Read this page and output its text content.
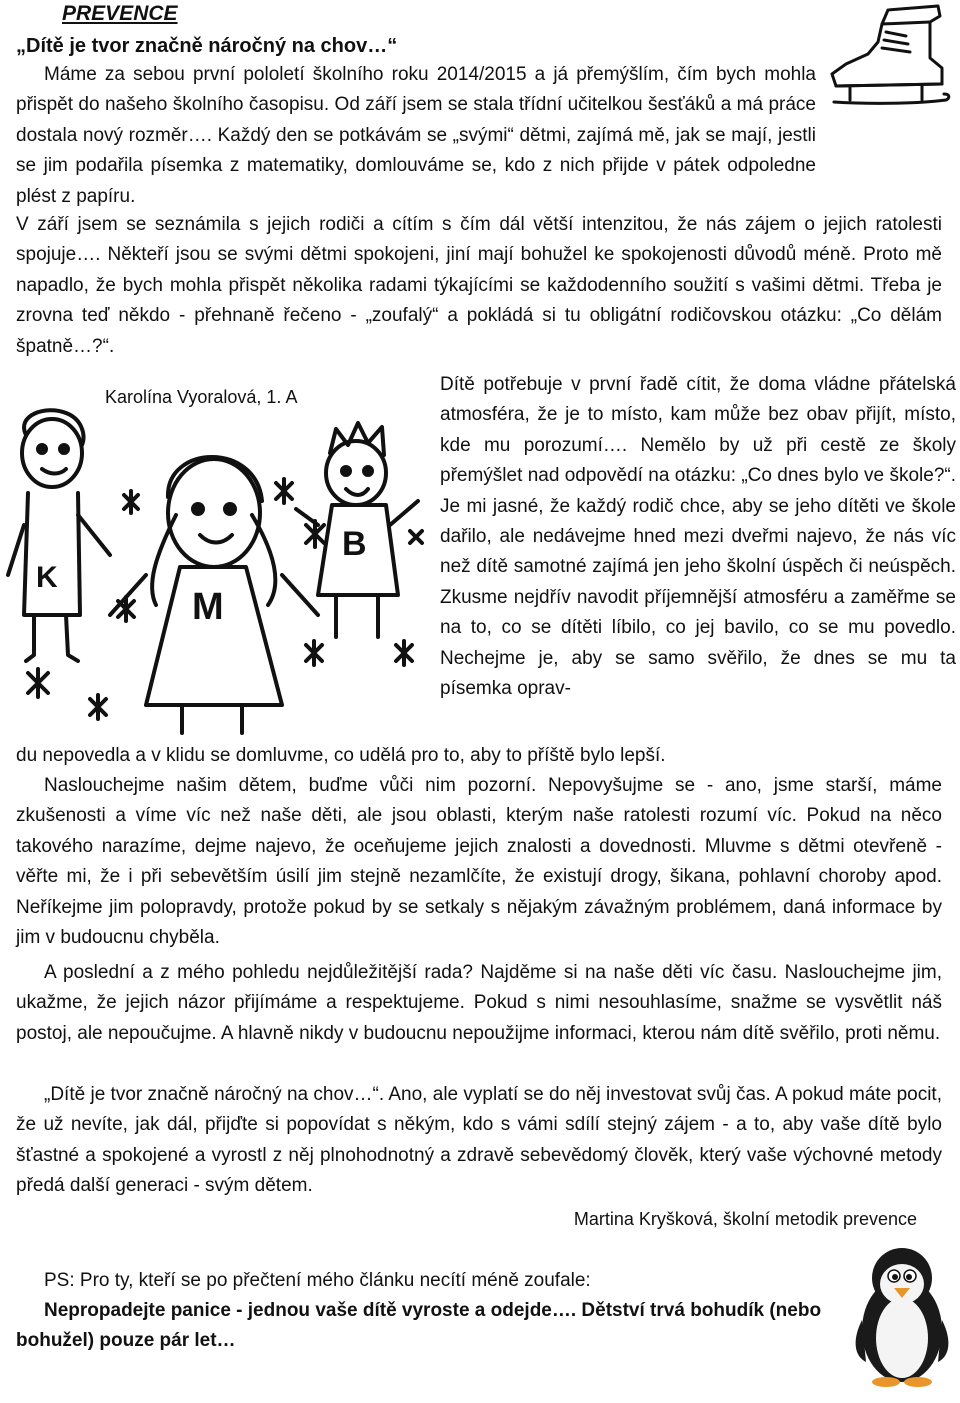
PREVENCE
„Dítě je tvor značně náročný na chov…“

Máme za sebou první pololetí školního roku 2014/2015 a já přemýšlím, čím bych mohla přispět do našeho školního časopisu. Od září jsem se stala třídní učitelkou šesťáků a má práce dostala nový rozměr…. Každý den se potkávám se „svými“ dětmi, zajímá mě, jak se mají, jestli se jim podařila písemka z matematiky, domlouváme se, kdo z nich přijde v pátek odpoledne plést z papíru.

V září jsem se seznámila s jejich rodiči a cítím s čím dál větší intenzitou, že nás zájem o jejich ratolesti spojuje…. Někteří jsou se svými dětmi spokojeni, jiní mají bohužel ke spokojenosti důvodů méně. Proto mě napadlo, že bych mohla přispět několika radami týkajícími se každodenního soužití s vašimi dětmi. Třeba je zrovna teď někdo - přehnaně řečeno - „zoufalý“ a pokládá si tu obligátní rodičovskou otázku: „Co dělám špatně…?“.

Karolína Vyoralová, 1. A

K
M
B

Dítě potřebuje v první řadě cítit, že doma vládne přátelská atmosféra, že je to místo, kam může bez obav přijít, místo, kde mu porozumí…. Nemělo by už při cestě ze školy přemýšlet nad odpovědí na otázku: „Co dnes bylo ve škole?“. Je mi jasné, že každý rodič chce, aby se jeho dítěti ve škole dařilo, ale nedávejme hned mezi dveřmi najevo, že nás víc než dítě samotné zajímá jen jeho školní úspěch či neúspěch. Zkusme nejdřív navodit příjemnější atmosféru a zaměřme se na to, co se dítěti líbilo, co jej bavilo, co se mu povedlo. Nechejme je, aby se samo svěřilo, že dnes se mu ta písemka oprav-

du nepovedla a v klidu se domluvme, co udělá pro to, aby to příště bylo lepší.

Naslouchejme našim dětem, buďme vůči nim pozorní. Nepovyšujme se - ano, jsme starší, máme zkušenosti a víme víc než naše děti, ale jsou oblasti, kterým naše ratolesti rozumí víc. Pokud na něco takového narazíme, dejme najevo, že oceňujeme jejich znalosti a dovednosti. Mluvme s dětmi otevřeně - věřte mi, že i při sebevětším úsilí jim stejně nezamlčíte, že existují drogy, šikana, pohlavní choroby apod. Neříkejme jim polopravdy, protože pokud by se setkaly s nějakým závažným problémem, daná informace by jim v budoucnu chyběla.

A poslední a z mého pohledu nejdůležitější rada? Najděme si na naše děti víc času. Naslouchejme jim, ukažme, že jejich názor přijímáme a respektujeme. Pokud s nimi nesouhlasíme, snažme se vysvětlit náš postoj, ale nepoučujme. A hlavně nikdy v budoucnu nepoužijme informaci, kterou nám dítě svěřilo, proti němu.

„Dítě je tvor značně náročný na chov…“. Ano, ale vyplatí se do něj investovat svůj čas. A pokud máte pocit, že už nevíte, jak dál, přijďte si popovídat s někým, kdo s vámi sdílí stejný zájem - a to, aby vaše dítě bylo šťastné a spokojené a vyrostl z něj plnohodnotný a zdravě sebevědomý člověk, který vaše výchovné metody předá další generaci - svým dětem.

Martina Kryšková, školní metodik prevence

PS: Pro ty, kteří se po přečtení mého článku necítí méně zoufale:

Nepropadejte panice - jednou vaše dítě vyroste a odejde…. Dětství trvá bohudík (nebo bohužel) pouze pár let…
